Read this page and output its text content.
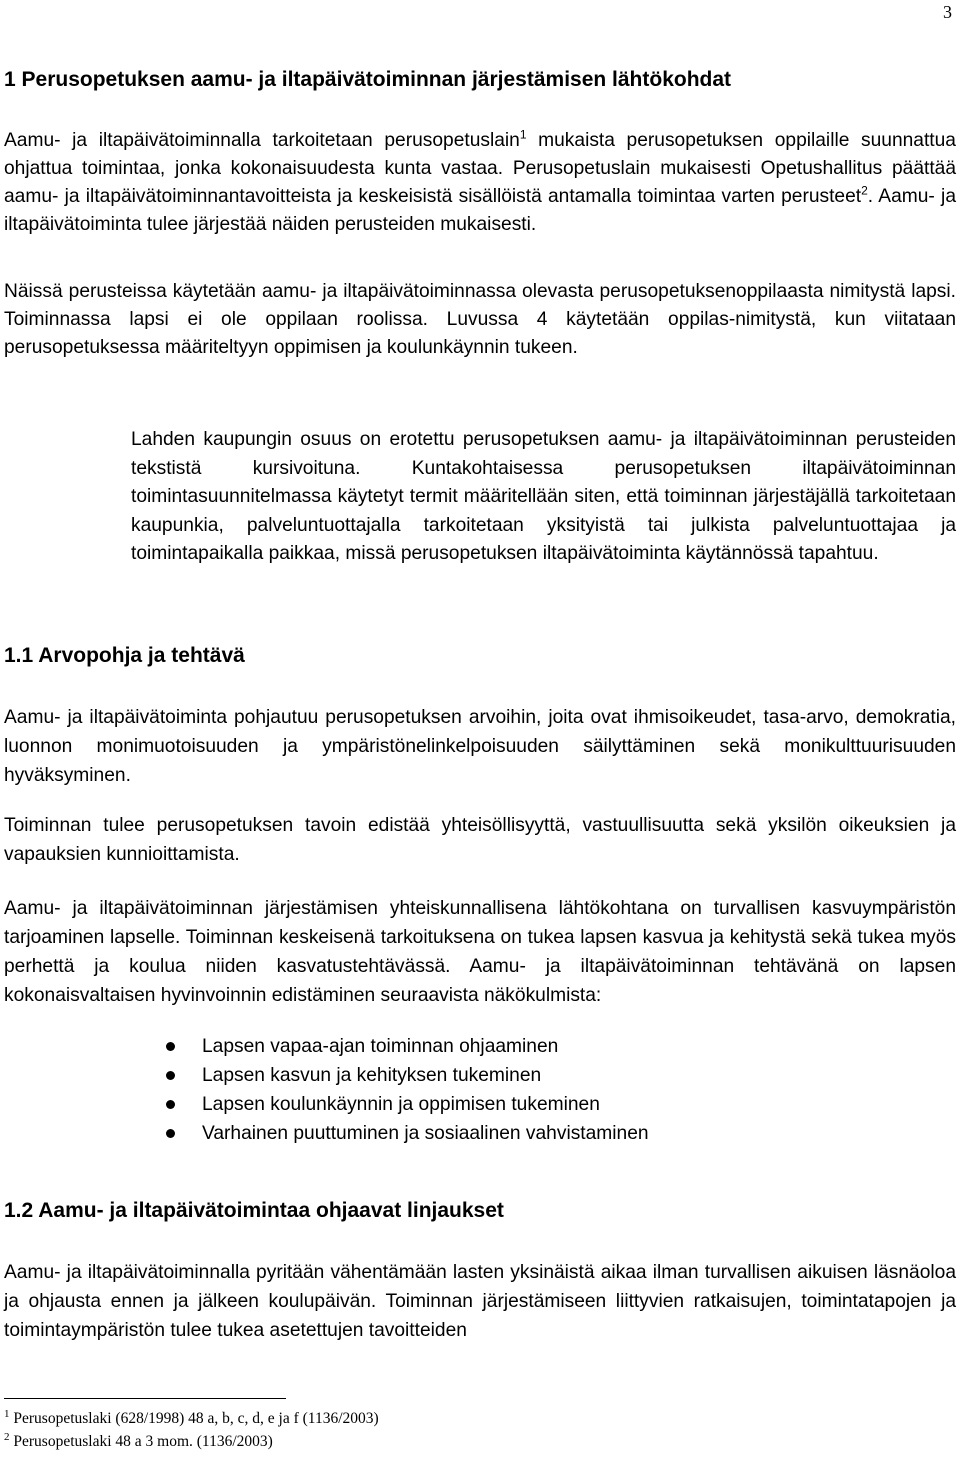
3
1 Perusopetuksen aamu- ja iltapäivätoiminnan järjestämisen lähtökohdat

Aamu- ja iltapäivätoiminnalla tarkoitetaan perusopetuslain$^1$ mukaista perusopetuksen oppilaille suunnattua ohjattua toimintaa, jonka kokonaisuudesta kunta vastaa. Perusopetuslain mukaisesti Opetushallitus päättää aamu- ja iltapäivätoiminnantavoitteista ja keskeisistä sisällöistä antamalla toimintaa varten perusteet$^2$. Aamu- ja iltapäivätoiminta tulee järjestää näiden perusteiden mukaisesti.

Näissä perusteissa käytetään aamu- ja iltapäivätoiminnassa olevasta perusopetuksenoppilaasta nimitystä lapsi. Toiminnassa lapsi ei ole oppilaan roolissa. Luvussa 4 käytetään oppilas-nimitystä, kun viitataan perusopetuksessa määriteltyyn oppimisen ja koulunkäynnin tukeen.

Lahden kaupungin osuus on erotettu perusopetuksen aamu- ja iltapäivätoiminnan perusteiden tekstistä kursivoituna. Kuntakohtaisessa perusopetuksen iltapäivätoiminnan toimintasuunnitelmassa käytetyt termit määritellään siten, että toiminnan järjestäjällä tarkoitetaan kaupunkia, palveluntuottajalla tarkoitetaan yksityistä tai julkista palveluntuottajaa ja toimintapaikalla paikkaa, missä perusopetuksen iltapäivätoiminta käytännössä tapahtuu.

1.1 Arvopohja ja tehtävä

Aamu- ja iltapäivätoiminta pohjautuu perusopetuksen arvoihin, joita ovat ihmisoikeudet, tasa-arvo, demokratia, luonnon monimuotoisuuden ja ympäristönelinkelpoisuuden säilyttäminen sekä monikulttuurisuuden hyväksyminen.

Toiminnan tulee perusopetuksen tavoin edistää yhteisöllisyyttä, vastuullisuutta sekä yksilön oikeuksien ja vapauksien kunnioittamista.

Aamu- ja iltapäivätoiminnan järjestämisen yhteiskunnallisena lähtökohtana on turvallisen kasvuympäristön tarjoaminen lapselle. Toiminnan keskeisenä tarkoituksena on tukea lapsen kasvua ja kehitystä sekä tukea myös perhettä ja koulua niiden kasvatustehtävässä. Aamu- ja iltapäivätoiminnan tehtävänä on lapsen kokonaisvaltaisen hyvinvoinnin edistäminen seuraavista näkökulmista:

Lapsen vapaa-ajan toiminnan ohjaaminen
Lapsen kasvun ja kehityksen tukeminen
Lapsen koulunkäynnin ja oppimisen tukeminen
Varhainen puuttuminen ja sosiaalinen vahvistaminen
1.2 Aamu- ja iltapäivätoimintaa ohjaavat linjaukset

Aamu- ja iltapäivätoiminnalla pyritään vähentämään lasten yksinäistä aikaa ilman turvallisen aikuisen läsnäoloa ja ohjausta ennen ja jälkeen koulupäivän. Toiminnan järjestämiseen liittyvien ratkaisujen, toimintatapojen ja toimintaympäristön tulee tukea asetettujen tavoitteiden

$^1$ Perusopetuslaki (628/1998) 48 a, b, c, d, e ja f (1136/2003)
$^2$ Perusopetuslaki 48 a 3 mom. (1136/2003)
